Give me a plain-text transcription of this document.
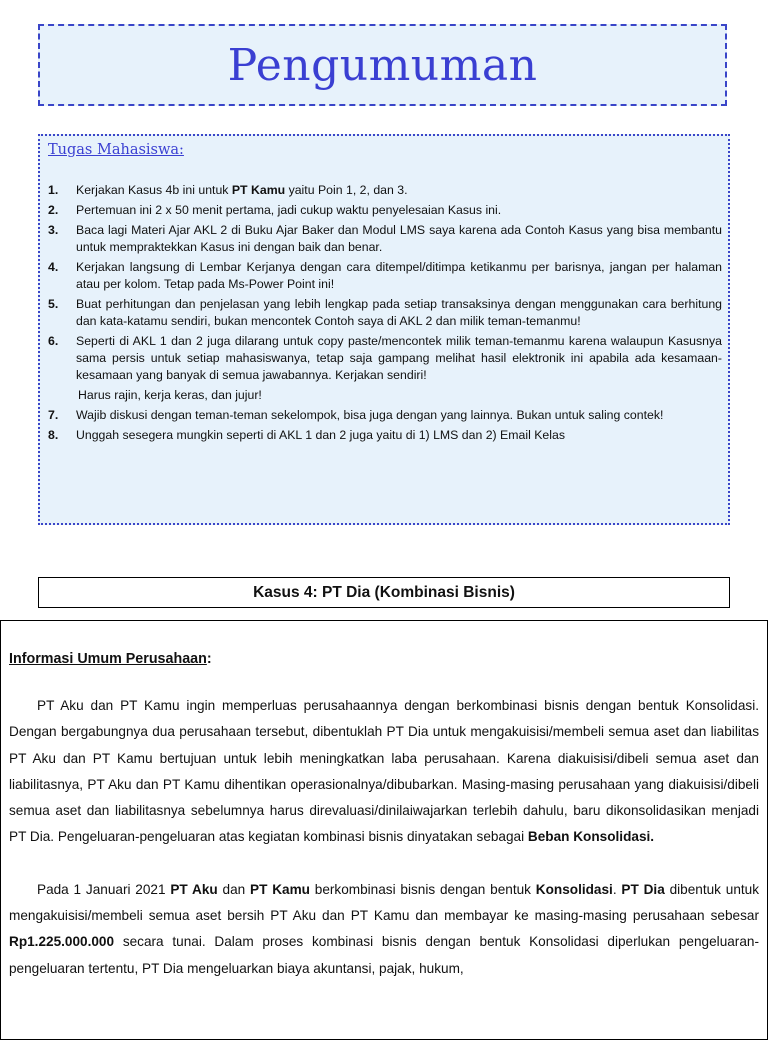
Pengumuman

Tugas Mahasiswa:

1. Kerjakan Kasus 4b ini untuk PT Kamu yaitu Poin 1, 2, dan 3.
2. Pertemuan ini 2 x 50 menit pertama, jadi cukup waktu penyelesaian Kasus ini.
3. Baca lagi Materi Ajar AKL 2 di Buku Ajar Baker dan Modul LMS saya karena ada Contoh Kasus yang bisa membantu untuk mempraktekkan Kasus ini dengan baik dan benar.
4. Kerjakan langsung di Lembar Kerjanya dengan cara ditempel/ditimpa ketikanmu per barisnya, jangan per halaman atau per kolom. Tetap pada Ms-Power Point ini!
5. Buat perhitungan dan penjelasan yang lebih lengkap pada setiap transaksinya dengan menggunakan cara berhitung dan kata-katamu sendiri, bukan mencontek Contoh saya di AKL 2 dan milik teman-temanmu!
6. Seperti di AKL 1 dan 2 juga dilarang untuk copy paste/mencontek milik teman-temanmu karena walaupun Kasusnya sama persis untuk setiap mahasiswanya, tetap saja gampang melihat hasil elektronik ini apabila ada kesamaan- kesamaan yang banyak di semua jawabannya. Kerjakan sendiri!
Harus rajin, kerja keras, dan jujur!
7. Wajib diskusi dengan teman-teman sekelompok, bisa juga dengan yang lainnya. Bukan untuk saling contek!
8. Unggah sesegera mungkin seperti di AKL 1 dan 2 juga yaitu di 1) LMS dan 2) Email Kelas
Kasus 4: PT Dia (Kombinasi Bisnis)

Informasi Umum Perusahaan:

PT Aku dan PT Kamu ingin memperluas perusahaannya dengan berkombinasi bisnis dengan bentuk Konsolidasi. Dengan bergabungnya dua perusahaan tersebut, dibentuklah PT Dia untuk mengakuisisi/membeli semua aset dan liabilitas PT Aku dan PT Kamu bertujuan untuk lebih meningkatkan laba perusahaan. Karena diakuisisi/dibeli semua aset dan liabilitasnya, PT Aku dan PT Kamu dihentikan operasionalnya/dibubarkan. Masing-masing perusahaan yang diakuisisi/dibeli semua aset dan liabilitasnya sebelumnya harus direvaluasi/dinilaiwajarkan terlebih dahulu, baru dikonsolidasikan menjadi PT Dia. Pengeluaran-pengeluaran atas kegiatan kombinasi bisnis dinyatakan sebagai Beban Konsolidasi.

Pada 1 Januari 2021 PT Aku dan PT Kamu berkombinasi bisnis dengan bentuk Konsolidasi. PT Dia dibentuk untuk mengakuisisi/membeli semua aset bersih PT Aku dan PT Kamu dan membayar ke masing-masing perusahaan sebesar Rp1.225.000.000 secara tunai. Dalam proses kombinasi bisnis dengan bentuk Konsolidasi diperlukan pengeluaran-pengeluaran tertentu, PT Dia mengeluarkan biaya akuntansi, pajak, hukum,
